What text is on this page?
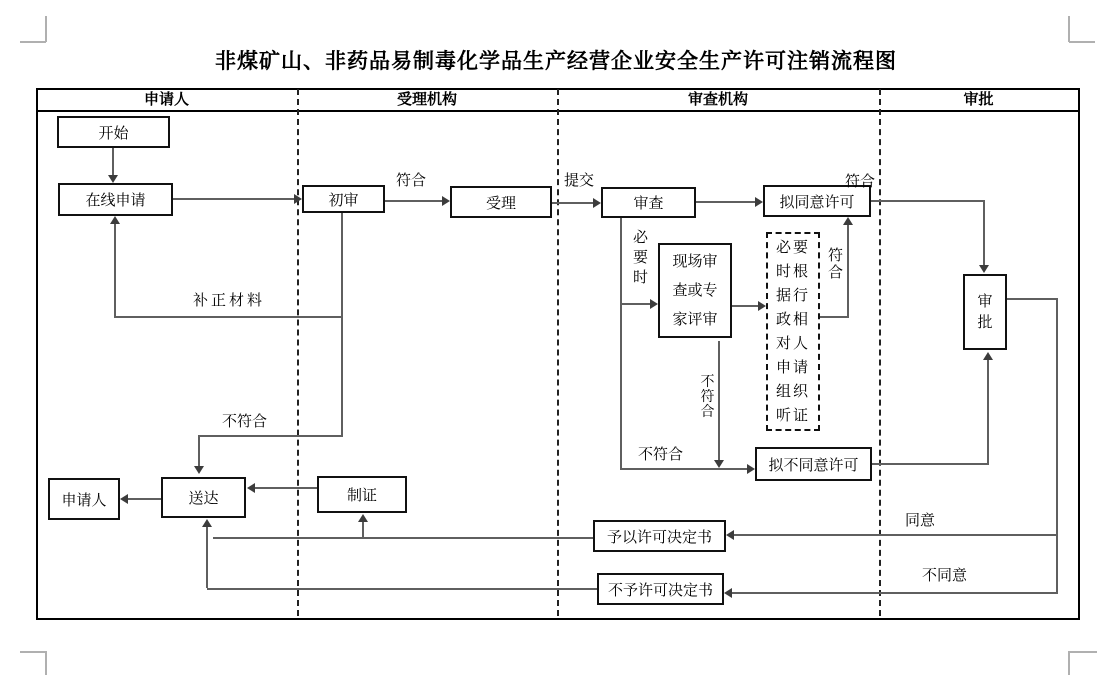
非煤矿山、非药品易制毒化学品生产经营企业安全生产许可注销流程图
申请人	受理机构	审查机构	审批
开始
在线申请	初审	受理	审查	拟同意许可
现场审查或专家评审
必要时根据行政相对人申请组织听证
拟不同意许可
审批
申请人	送达	制证
予以许可决定书
不予许可决定书
符合	提交	符合
必要时
符合
不符合
补正材料
不符合
不符合
同意
不同意
